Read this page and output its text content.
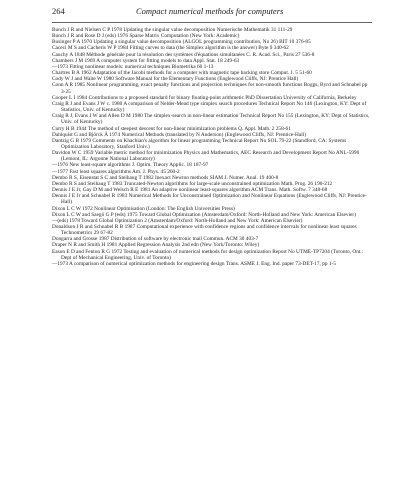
264	Compact numerical methods for computers
Bunch J R and Nielsen C P 1978 Updating the singular value decomposition Numerische Mathematik 31 111-29
Bunch J R and Rose D J (eds) 1976 Sparse Matrix Computation (New York: Academic)
Businger P A 1970 Updating a singular value decomposition (ALGOL programming contribution, No 26) BIT 10 376-85
Caceci M S and Cacheris W P 1984 Fitting curves to data (the Simplex algorithm is the answer) Byte 9 340-62
Cauchy A 1848 Méthode générale pour la résolution des systèmes d'équations simultanées C. R. Acad. Sci., Paris 27 536-8
Chambers J M 1969 A computer system for fitting models to data Appl. Stat. 18 249-63
—1973 Fitting nonlinear models: numerical techniques Biometrika 60 1-13
Chartres B A 1962 Adaptation of the Jacobi methods for a computer with magnetic tape backing store Comput. J. 5 51-60
Cody W J and Waite W 1980 Software Manual for the Elementary Functions (Englewood Cliffs, NJ: Prentice Hall)
Conn A R 1985 Nonlinear programming, exact penalty functions and projection techniques for non-smooth functions Boggs, Byrd and Schnabel pp 3-25
Cooper L I 1984 Contributions to a proposed standard for binary floating-point arithmetic PhD Dissertation University of California, Berkeley
Craig R J and Evans J W c. 1980 A comparison of Nelder-Mead type simplex search procedures Technical Report No 146 (Lexington, KY: Dept of Statistics, Univ. of Kentucky)
Craig R J, Evans J W and Allen D M 1980 The simplex-search in non-linear estimation Technical Report No 155 (Lexington, KY: Dept of Statistics, Univ. of Kentucky)
Curry H B 1944 The method of steepest descent for non-linear minimization problems Q. Appl. Math. 2 258-61
Dahlquist G and Björck Å 1974 Numerical Methods (translated by N Anderson) (Englewood Cliffs, NJ: Prentice-Hall)
Dantzig G B 1979 Comments on Khachian's algorithm for linear programming Technical Report No SOL 79-22 (Standford, CA: Systems Optimization Laboratory, Stanford Univ.)
Davidon W C 1959 Variable metric method for minimization Physics and Mathematics, AEC Research and Development Report No ANL-5990 (Lemont, IL: Argonne National Laboratory)
—1976 New least-square algorithms J. Optim. Theory Applic. 18 187-97
—1977 Fast least squares algorithms Am. J. Phys. 45 260-2
Dembo R S, Eisenstat S C and Steihaug T 1982 Inexact Newton methods SIAM J. Numer. Anal. 19 400-8
Dembo R S and Steihaug T 1983 Truncated-Newton algorithms for large-scale unconstrained optimization Math. Prog. 26 190-212
Dennis J E Jr, Gay D M and Welsch R E 1981 An adaptive nonlinear least-squares algorithm ACM Trans. Math. Softw. 7 348-68
Dennis J E Jr and Schnabel R 1983 Numerical Methods for Unconstrained Optimization and Nonlinear Equations (Englewood Cliffs, NJ: Prentice-Hall)
Dixon L C W 1972 Nonlinear Optimisation (London: The English Universities Press)
Dixon L C W and Szegö G P (eds) 1975 Toward Global Optimization (Amsterdam/Oxford: North-Holland and New York: American Elsevier)
—(eds) 1978 Toward Global Optimization 2 (Amsterdam/Oxford: North-Holland and New York: American Elsevier)
Donaldson J R and Schnabel R B 1987 Computational experience with confidence regions and confidence intervals for nonlinear least squares Technometrics 29 67-82
Dongarra and Grosse 1987 Distribution of software by electronic mail Commun. ACM 30 403-7
Draper N R and Smith H 1981 Applied Regression Analysis 2nd edn (New York/Toronto: Wiley)
Eason E D and Fenton R G 1972 Testing and evaluation of numerical methods for design optimization Report No UTME-TP7204 (Toronto, Ont.: Dept of Mechanical Engineering, Univ. of Toronto)
—1973 A comparison of numerical optimization methods for engineering design Trans. ASME J. Eng. Ind. paper 73-DET-17, pp 1-5
